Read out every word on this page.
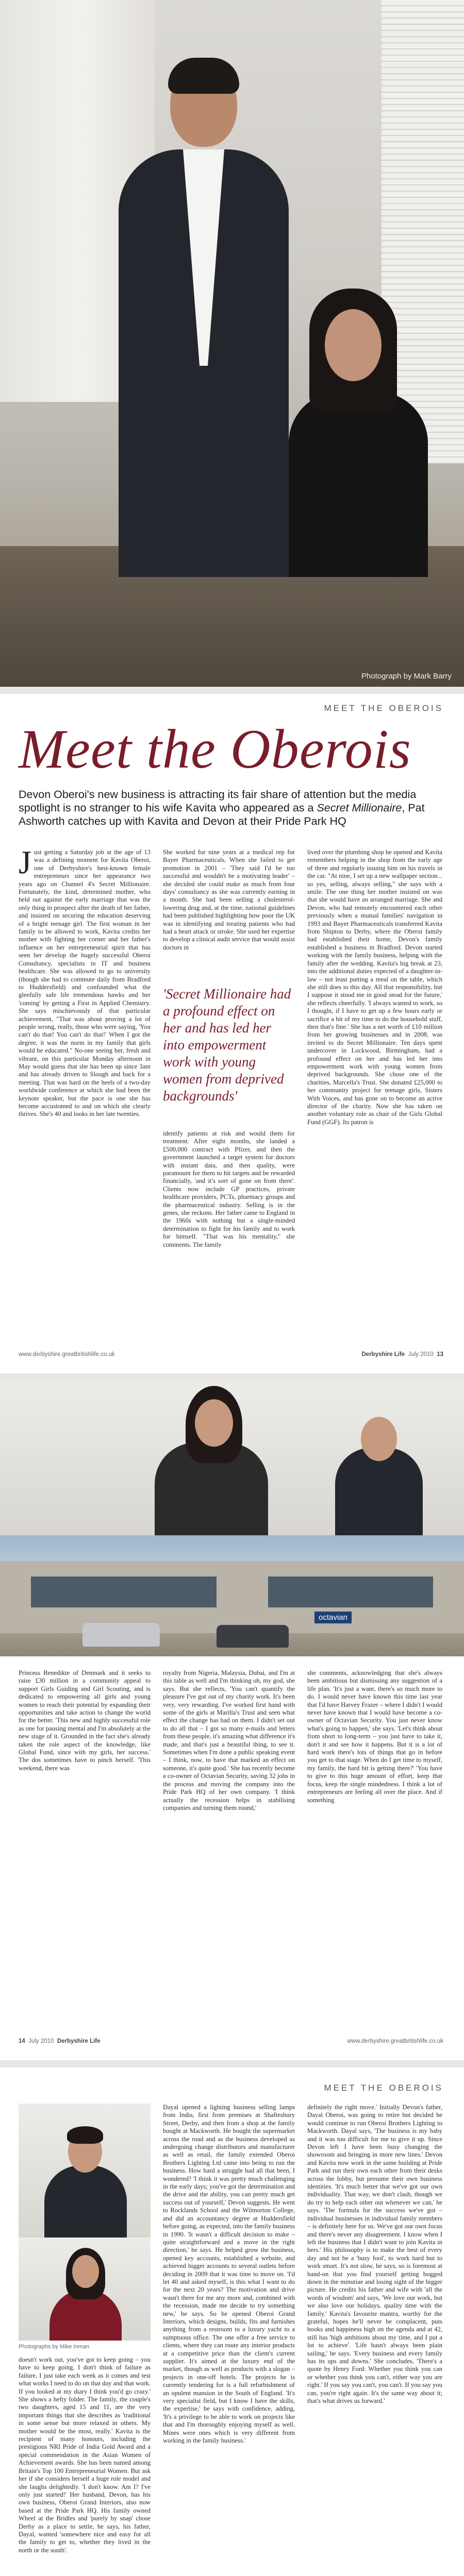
Photograph by Mark Barry
MEET THE OBEROIS
Meet the Oberois
Devon Oberoi's new business is attracting its fair share of attention but the media spotlight is no stranger to his wife Kavita who appeared as a Secret Millionaire, Pat Ashworth catches up with Kavita and Devon at their Pride Park HQ
J ust getting a Saturday job at the age of 13 was a defining moment for Kavita Oberoi, one of Derbyshire's best-known female entrepreneurs since her appearance two years ago on Channel 4's Secret Millionaire. Fortunately, the kind, determined mother, who held out against the early marriage that was the only thing in prospect after the death of her father, and insisted on securing the education deserving of a bright teenage girl. The first woman in her family to be allowed to work, Kavita credits her mother with fighting her corner and her father's influence on her entrepreneurial spirit that has seen her develop the hugely successful Oberoi Consultancy, specialists in IT and business healthcare. She was allowed to go to university (though she had to commute daily from Bradford to Huddersfield) and confounded what the gleefully safe life tremendous hawks and her 'coming' by getting a First in Applied Chemistry. She says mischievously of that particular achievement, "That was about proving a lot of people wrong, really, those who were saying, 'You can't do that! You can't do that!' When I got the degree, it was the norm in my family that girls would be educated." No-one seeing her, fresh and vibrant, on this particular Monday afternoon in May would guess that she has been up since 3am and has already driven to Slough and back for a meeting. That was hard on the heels of a two-day worldwide conference at which she had been the keynote speaker, but the pace is one she has become accustomed to and on which she clearly thrives. She's 40 and looks in her late twenties.
She worked for nine years at a medical rep for Bayer Pharmaceuticals. When she failed to get promotion in 2001 – 'They said I'd be too successful and wouldn't be a motivating leader' – she decided she could make as much from four days' consultancy as she was currently earning in a month. She had been selling a cholesterol-lowering drug and, at the time, national guidelines had been published highlighting how poor the UK was in identifying and treating patients who had had a heart attack or stroke. She used her expertise to develop a clinical audit service that would assist doctors in
'Secret Millionaire had a profound effect on her and has led her into empowerment work with young women from deprived backgrounds'
identify patients at risk and would them for treatment. After eight months, she landed a £500,000 contract with Pfizer, and then the government launched a target system for doctors with instant data, and then quality, were paramount for them to hit targets and be rewarded financially, 'and it's sort of gone on from there'. Clients now include GP practices, private healthcare providers, PCTs, pharmacy groups and the pharmaceutical industry. Selling is in the genes, she reckons. Her father came to England in the 1960s with nothing but a single-minded determination to fight for his family and to work for himself. "That was his mentality," she comments. The family
lived over the plumbing shop he opened and Kavita remembers helping in the shop from the early age of three and regularly issuing him on his travels in the car. "At nine, I set up a new wallpaper section... so yes, selling, always selling," she says with a smile. The one thing her mother insisted on was that she would have an arranged marriage. She and Devon, who had remotely encountered each other previously when a mutual families' navigation in 1993 and Bayer Pharmaceuticals transferred Kavita from Shipton to Derby, where the Oberoi family had established their home, Devon's family established a business in Bradford. Devon started working with the family business, helping with the family after the wedding. Kavita's big break at 23, into the additional duties expected of a daughter-in-law – not least putting a meal on the table, which she still does to this day. All that responsibility, but I suppose it stood me in good stead for the future,' she reflects cheerfully. 'I always wanted to work, so I thought, if I have to get up a few hours early or sacrifice a bit of my time to do the household stuff, then that's fine.' She has a net worth of £10 million from her growing businesses and in 2008, was invited to do Secret Millionaire. Ten days spent undercover in Lockwood, Birmingham, had a profound effect on her and has led her into empowerment work with young women from deprived backgrounds. She chose one of the charities, Marcella's Trust. She donated £25,000 to her community project for teenage girls, Sisters With Voices, and has gone on to become an active director of the charity. Now she has taken on another voluntary role as chair of the Girls Global Fund (GGF). Its patron is
www.derbyshire.greatbritishlife.co.uk	Derbyshire Life July 2010 13
octavian
Princess Benedikte of Denmark and it seeks to raise £30 million in a community appeal to support Girls Guiding and Girl Scouting, and is dedicated to empowering all girls and young women to reach their potential by expanding their opportunities and take action to change the world for the better. 'This new and highly successful role as one for pausing mental and I'm absolutely at the new stage of it. Grounded in the fact she's already taken the role aspect of the knowledge, like Global Fund, since with my girls, her success.' The dos sometimes have to pinch herself. 'This weekend, there was
royalty from Nigeria, Malaysia, Dubai, and I'm at this table as well and I'm thinking oh, my god, she says. But she reflects, 'You can't quantify the pleasure I've got out of my charity work. It's been very, very rewarding. I've worked first hand with some of the girls at Marilla's Trust and seen what effect the change has had on them. I didn't set out to do all that – I got so many e-mails and letters from these people, it's amazing what difference it's made, and that's just a beautiful thing, to see it. Sometimes when I'm done a public speaking event – I think, now, to have that marked an effect on someone, it's quite good.' She has recently become a co-owner of Octavian Security, saving 32 jobs in the process and moving the company into the Pride Park HQ of her own company. 'I think actually the recession helps in stabilising companies and turning them round,'
she comments, acknowledging that she's always been ambitious but dismissing any suggestion of a life plan. 'It's just a want, there's so much more to do. I would never have known this time last year that I'd have Harvey Frazer – where I didn't I would never have known that I would have become a co-owner of Octavian Security. You just never know what's going to happen,' she says. 'Let's think about from short to long-term – you just have to take it, don't it and see how it happens. But it is a lot of hard work there's lots of things that go in before you get to that stage. When do I get time to myself, my family, the hard bit is getting there?' 'You have to give to this huge amount of effort, keep that focus, keep the single mindedness. I think a lot of entrepreneurs are feeling all over the place. And if something
14 July 2010 Derbyshire Life	www.derbyshire.greatbritishlife.co.uk
MEET THE OBEROIS
Photographs by Mike Inman
doesn't work out, you've got to keep going – you have to keep going. I don't think of failure as failure, I just take each week as it comes and test what works I need to do on that day and that work. If you looked at my diary I think you'd go crazy.' She shows a hefty folder. The family, the couple's two daughters, aged 15 and 11, are the very important things that she describes as 'traditional in some sense but more relaxed in others. My mother would be the most, really.' Kavita is the recipient of many honours, including the prestigious NRI Pride of India Gold Award and a special commendation in the Asian Women of Achievement awards. She has been named among Britain's Top 100 Entrepreneurial Women. But ask her if she considers herself a huge role model and she laughs delightedly. 'I don't know. Am I? I've only just started!' Her husband, Devon, has his own business, Oberoi Grand Interiors, also now based at the Pride Park HQ. His family owned Wheel at the Bridles and 'purely by snap' chose Derby as a place to settle, he says, his father, Dayal, wanted 'somewhere nice and easy for all the family to get to, whether they lived in the north or the south'.
Dayal opened a lighting business selling lamps from India, first from premises at Shaftesbury Street, Derby, and then from a shop at the family bought at Mackworth. He bought the supermarket across the road and as the business developed as undergoing change distributors and manufacturer as well as retail, the family extended Oberoi Brothers Lighting Ltd came into being to run the business. How hard a struggle had all that been, I wondered? 'I think it was pretty much challenging in the early days; you've got the determination and the drive and the ability, you can pretty much get success out of yourself,' Devon suggests. He went to Rocklands School and the Wilmorton College, and did an accountancy degree at Huddersfield before going, as expected, into the family business in 1990. 'It wasn't a difficult decision to make – quite straightforward and a move in the right direction,' he says. He helped grow the business, opened key accounts, established a website, and achieved bigger accounts to several outlets before deciding in 2009 that it was time to move on. 'I'd let 40 and asked myself, is this what I want to do for the next 20 years? The motivation and drive wasn't there for me any more and, combined with the recession, made me decide to try something new,' he says. So he opened Oberoi Grand Interiors, which designs, builds, fits and furnishes anything from a restroom to a luxury yacht to a sumptuous office. The one offer a free service to clients, where they can route any interior products at a competitive price than the client's current supplier. It's aimed at the luxury end of the market, though as well as products with a slogan – projects in one-off hotels. The projects he is currently tendering for is a full refurbishment of an opulent mansion in the South of England. 'It's very specialist field, but I know I have the skills, the expertise,' he says with confidence, adding, 'It's a privilege to be able to work on projects like that and I'm thoroughly enjoying myself as well. Mines were ones which is very different from working in the family business.'
definitely the right move.' Initially Devon's father, Dayal Oberoi, was going to retire but decided he would continue to run Oberoi Brothers Lighting to Mackworth. Dayal says, 'The business is my baby and it was too difficult for me to give it up. Since Devon left I have been busy changing the showroom and bringing in more new lines.' Devon and Kavita now work in the same building at Pride Park and run their own each other from their desks across the lobby, but presume their own business identities. 'It's much better that we've got our own individuality. That way, we don't clash, though we do try to help each other out whenever we can,' he says. 'The formula for the success we've got – individual businesses in individual family members – is definitely here for us. We've got our own focus and there's never any disagreement. I know when I left the business that I didn't want to join Kavita in hers.' His philosophy is to make the best of every day and not be a 'busy fool', to work hard but to work smart. It's not slow, he says, so is foremost at hand-on that you find yourself getting bogged down in the minutiae and losing sight of the bigger picture. He credits his father and wife with 'all the words of wisdom' and says, 'We love our work, but we also love our holidays, quality time with the family.' Kavita's favourite mantra, worthy for the grateful, hopes he'll never be complacent, puts books and happiness high on the agenda and at 42, still has 'high ambitions about my time, and I put a lot to achieve'. 'Life hasn't always been plain sailing,' he says. 'Every business and every family has its ups and downs.' She concludes, 'There's a quote by Henry Ford: Whether you think you can or whether you think you can't, either way you are right.' If you say you can't, you can't. If you say you can, you're right again. It's the same way about it; that's what drives us forward.'
